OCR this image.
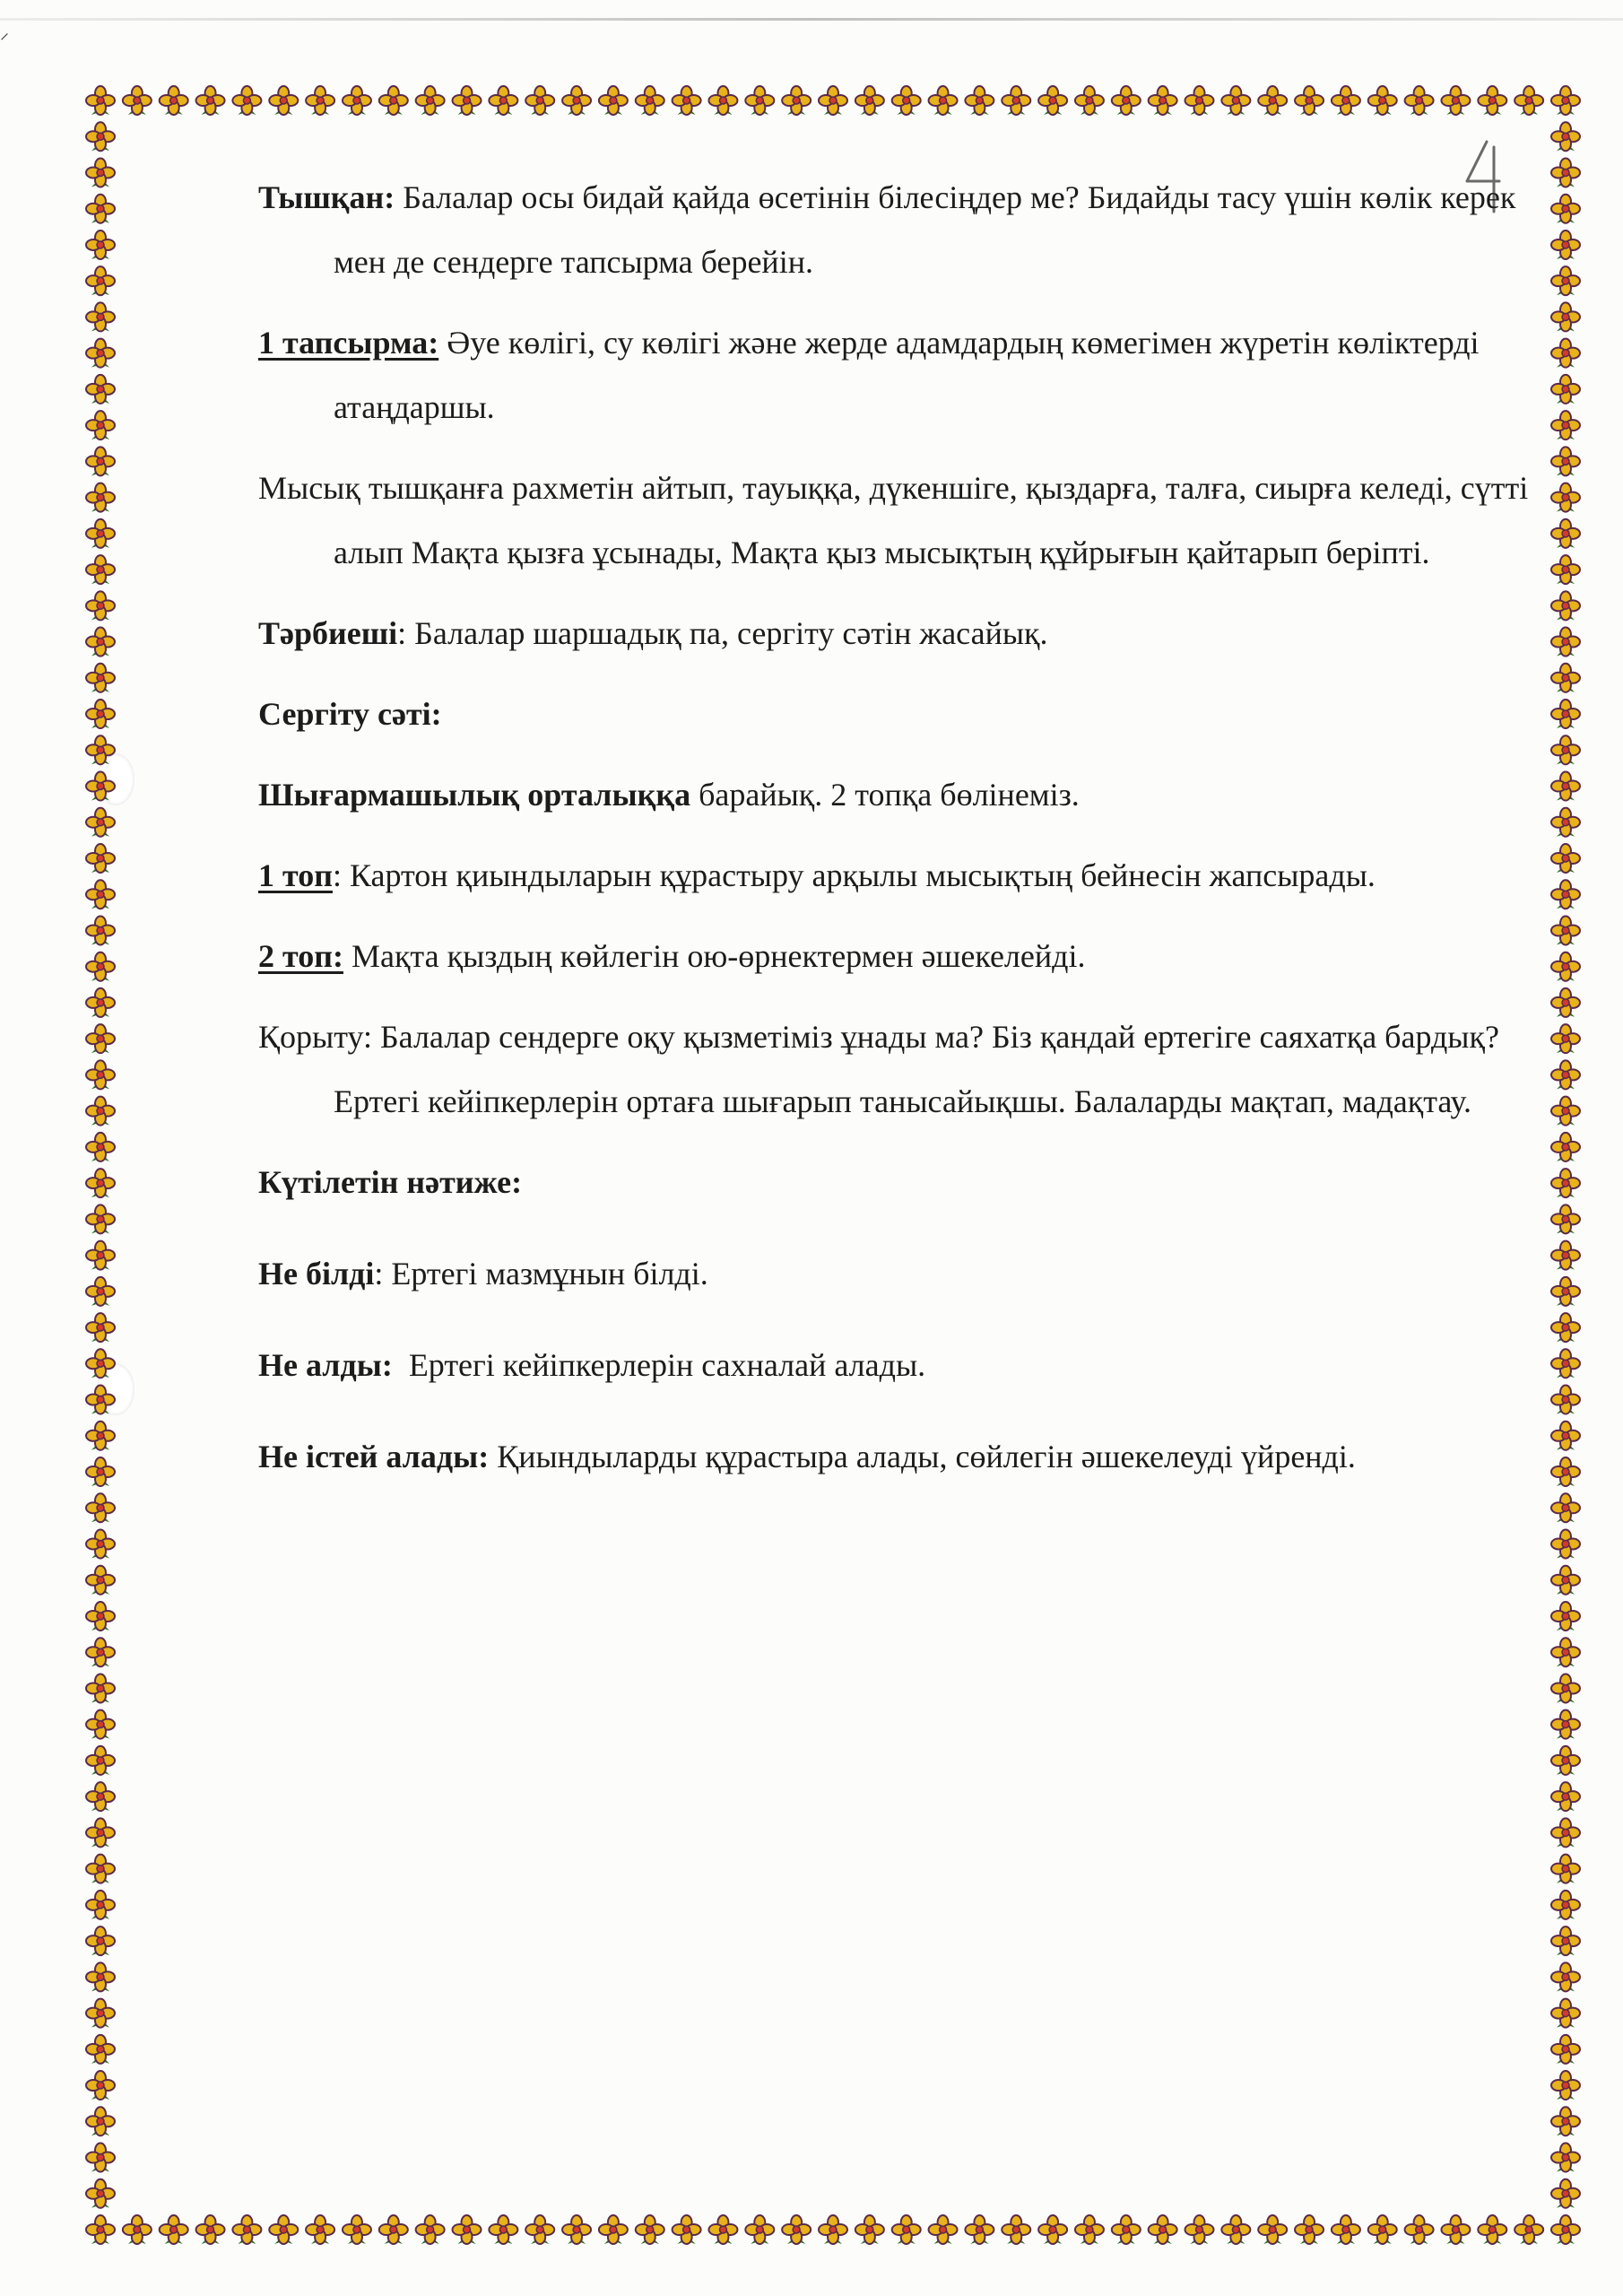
⸝

Тышқан: Балалар осы бидай қайда өсетінін білесіңдер ме? Бидайды тасу үшін көлік керек мен де сендерге тапсырма берейін.

1 тапсырма: Әуе көлігі, су көлігі және жерде адамдардың көмегімен жүретін көліктерді атаңдаршы.

Мысық тышқанға рахметін айтып, тауыққа, дүкеншіге, қыздарға, талға, сиырға келеді, сүтті алып Мақта қызға ұсынады, Мақта қыз мысықтың құйрығын қайтарып беріпті.

Тәрбиеші: Балалар шаршадық па, сергіту сәтін жасайық.

Сергіту сәті:

Шығармашылық орталыққа барайық. 2 топқа бөлінеміз.

1 топ: Картон қиындыларын құрастыру арқылы мысықтың бейнесін жапсырады.

2 топ: Мақта қыздың көйлегін ою-өрнектермен әшекелейді.

Қорыту: Балалар сендерге оқу қызметіміз ұнады ма? Біз қандай ертегіге саяхатқа бардық? Ертегі кейіпкерлерін ортаға шығарып танысайықшы. Балаларды мақтап, мадақтау.

Күтілетін нәтиже:

Не білді: Ертегі мазмұнын білді.

Не алды:  Ертегі кейіпкерлерін сахналай алады.

Не істей алады: Қиындыларды құрастыра алады, сөйлегін әшекелеуді үйренді.
